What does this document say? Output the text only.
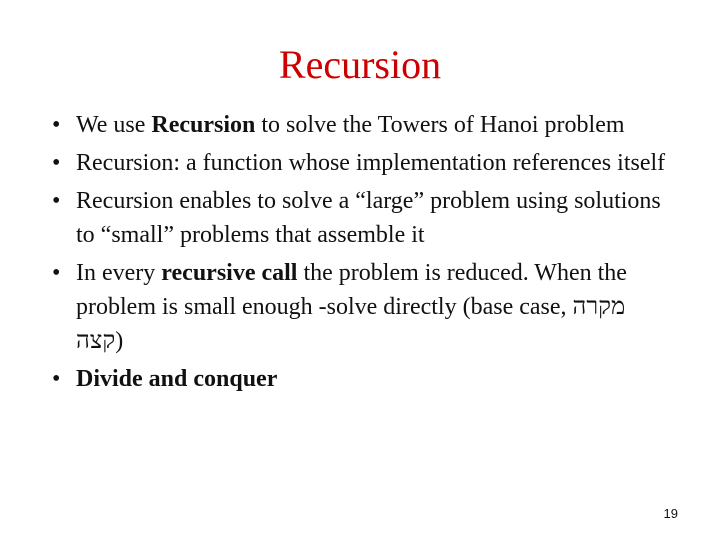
Recursion
• We use Recursion to solve the Towers of Hanoi problem
• Recursion: a function whose implementation references itself
• Recursion enables to solve a “large” problem using solutions to “small” problems that assemble it
• In every recursive call the problem is reduced. When the problem is small enough -solve directly (base case, מקרה קצה)
• Divide and conquer
19
